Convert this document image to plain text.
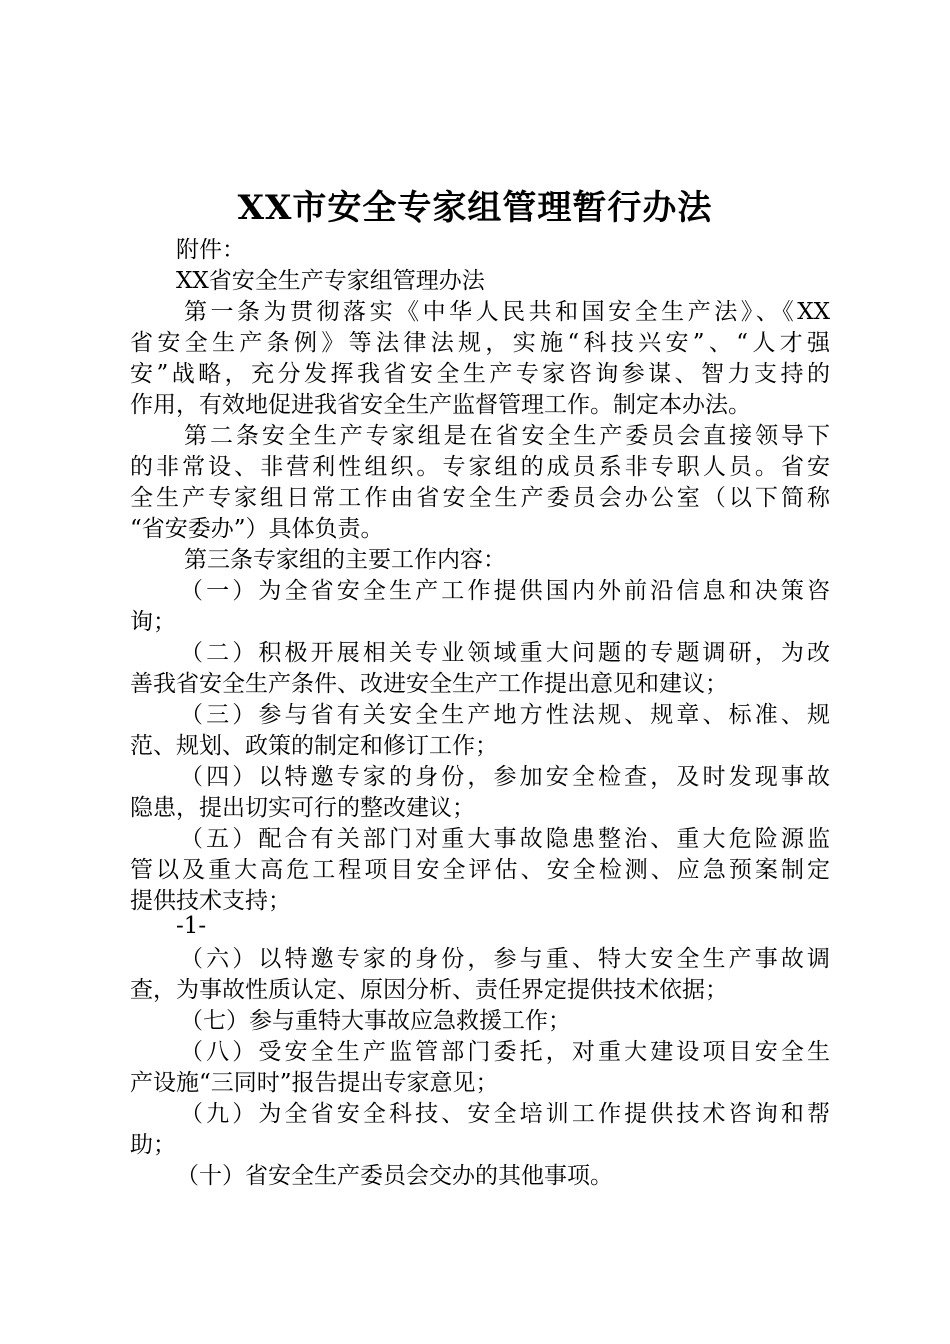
XX市安全专家组管理暂行办法

附件：

XX省安全生产专家组管理办法

第一条为贯彻落实《中华人民共和国安全生产法》、《XX

省安全生产条例》等法律法规，实施“科技兴安”、“人才强

安”战略，充分发挥我省安全生产专家咨询参谋、智力支持的

作用，有效地促进我省安全生产监督管理工作。制定本办法。

第二条安全生产专家组是在省安全生产委员会直接领导下

的非常设、非营利性组织。专家组的成员系非专职人员。省安

全生产专家组日常工作由省安全生产委员会办公室（以下简称

“省安委办”）具体负责。

第三条专家组的主要工作内容：

（一）为全省安全生产工作提供国内外前沿信息和决策咨

询；

（二）积极开展相关专业领域重大问题的专题调研，为改

善我省安全生产条件、改进安全生产工作提出意见和建议；

（三）参与省有关安全生产地方性法规、规章、标准、规

范、规划、政策的制定和修订工作；

（四）以特邀专家的身份，参加安全检查，及时发现事故

隐患，提出切实可行的整改建议；

（五）配合有关部门对重大事故隐患整治、重大危险源监

管以及重大高危工程项目安全评估、安全检测、应急预案制定

提供技术支持；

-1-

（六）以特邀专家的身份，参与重、特大安全生产事故调

查，为事故性质认定、原因分析、责任界定提供技术依据；

（七）参与重特大事故应急救援工作；

（八）受安全生产监管部门委托，对重大建设项目安全生

产设施“三同时”报告提出专家意见；

（九）为全省安全科技、安全培训工作提供技术咨询和帮

助；

（十）省安全生产委员会交办的其他事项。
